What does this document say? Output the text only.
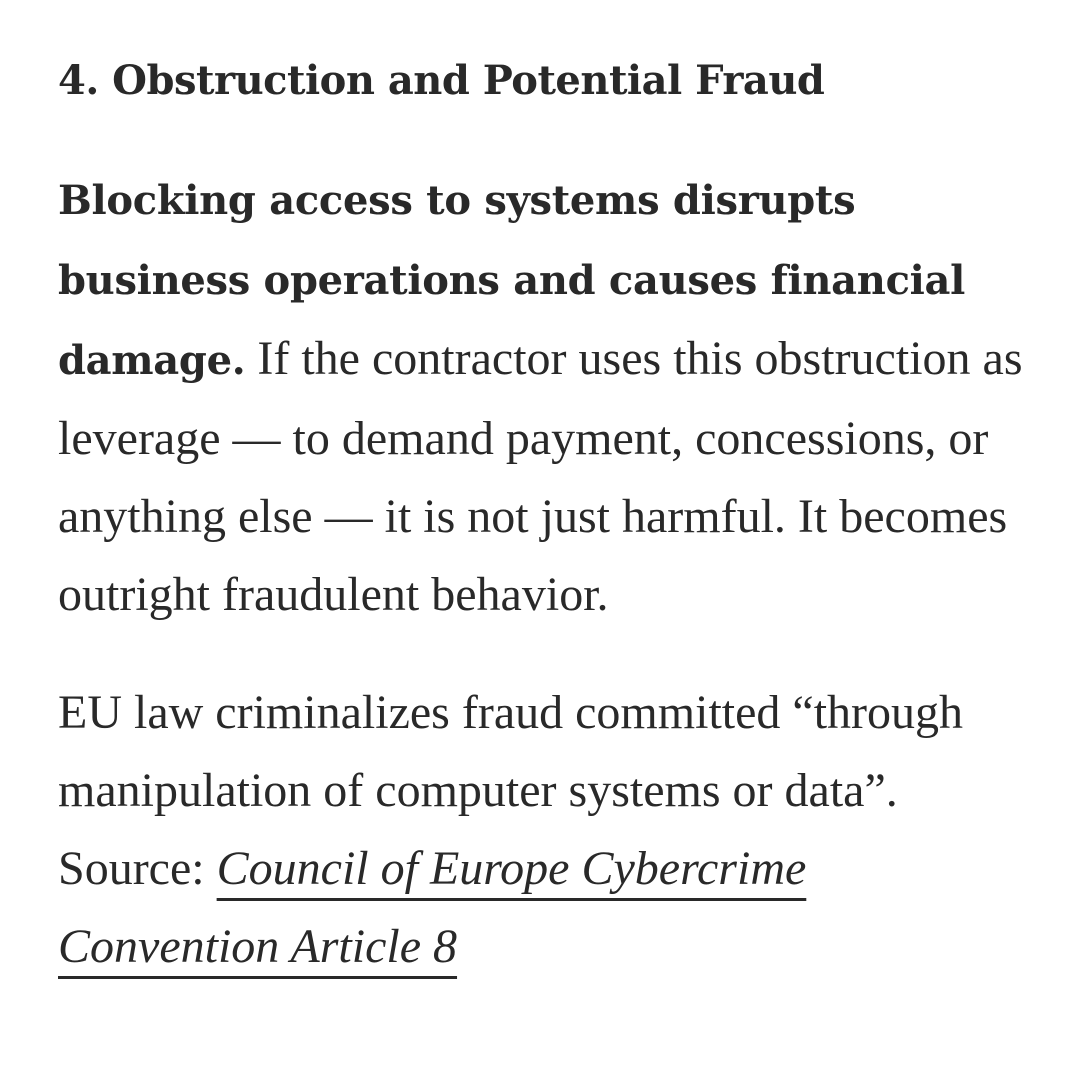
4. Obstruction and Potential Fraud

Blocking access to systems disrupts business operations and causes financial damage. If the contractor uses this obstruction as leverage — to demand payment, concessions, or anything else — it is not just harmful. It becomes outright fraudulent behavior.

EU law criminalizes fraud committed “through manipulation of computer systems or data”. Source: Council of Europe Cybercrime Convention Article 8
